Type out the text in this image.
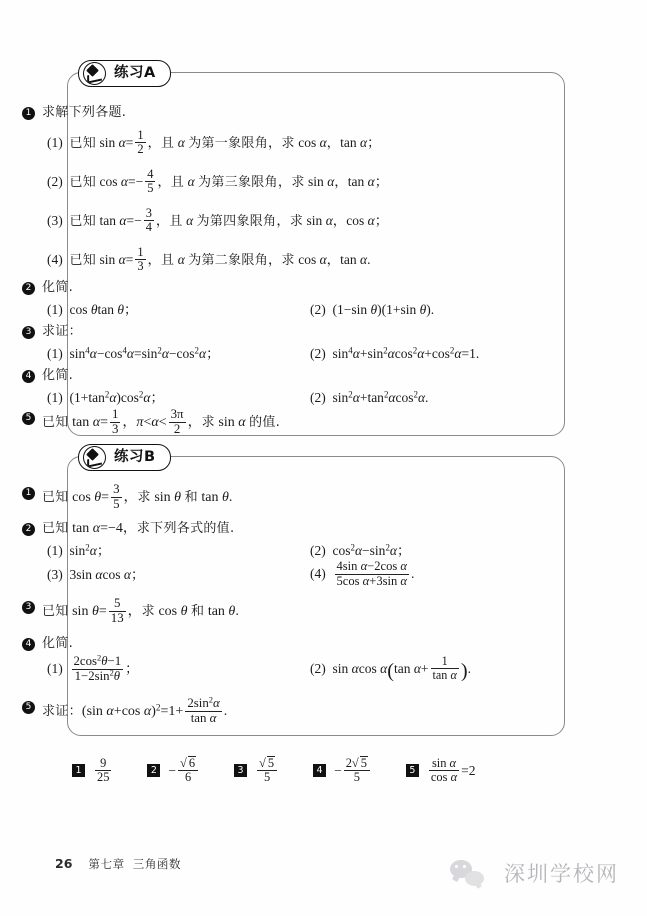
练习A
1 求解下列各题.
(1) 已知 $\sin \alpha= \frac{1}{2}$ ，且 α 为第一象限角，求 cos α，tan α；
(2) 已知 $\cos \alpha=- \frac{4}{5}$ ，且 α 为第三象限角，求 sin α，tan α；
(3) 已知 $\tan \alpha=- \frac{3}{4}$ ，且 α 为第四象限角，求 sin α，cos α；
(4) 已知 $\sin \alpha= \frac{1}{3}$ ，且 α 为第二象限角，求 cos α，tan α.
2 化简.
(1) cos θtan θ；	(2)  (1−sin θ)(1+sin θ).
3 求证：
(1) $\sin^4\alpha-\cos^4\alpha=\sin^2\alpha-\cos^2\alpha$；	(2) $\sin^4\alpha+\sin^2\alpha\cos^2\alpha+\cos^2\alpha=1$.
4 化简.
(1)  $(1+\tan^2\alpha)\cos^2\alpha$；	(2) $\sin^2\alpha+\tan^2\alpha\cos^2\alpha$.
5 已知 $\tan \alpha= \frac{1}{3}$ ，$\pi<\alpha< \frac{3\pi}{2}$ ，求 sin α 的值.
练习B
1 已知 $\cos \theta= \frac{3}{5}$ ，求 sin θ 和 tan θ.
2 已知 tan α=−4，求下列各式的值.
(1) $\sin^2\alpha$；	(2) $\cos^2\alpha-\sin^2\alpha$；
(3)  3sin αcos α；	$(4) \frac{\text{4sin α−2cos α}}{\text{5cos α+3sin α}}$ .
3 已知 $\sin \theta= \frac{5}{13}$ ，求 cos θ 和 tan θ.
4 化简.
$(1) \frac{2\cos^2\theta-1}{1-2\sin^2\theta}$ ；	(2) sin αcos α(tan $\alpha+ \frac{1}{\text{tan α}}$ ).
5 求证：(sin α+cos $\alpha)^2=1+ \frac{2\sin^2\alpha}{\text{tan α}}$ .
$1 \frac{9}{25}$	$2 - \frac{√ 6}{6}$	$3 \frac{√ 5}{5}$	$4 - \frac{2√ 5}{5}$	$5 \frac{\text{sin α}}{\text{cos α}} =2$
26 第七章 三角函数	深圳学校网
